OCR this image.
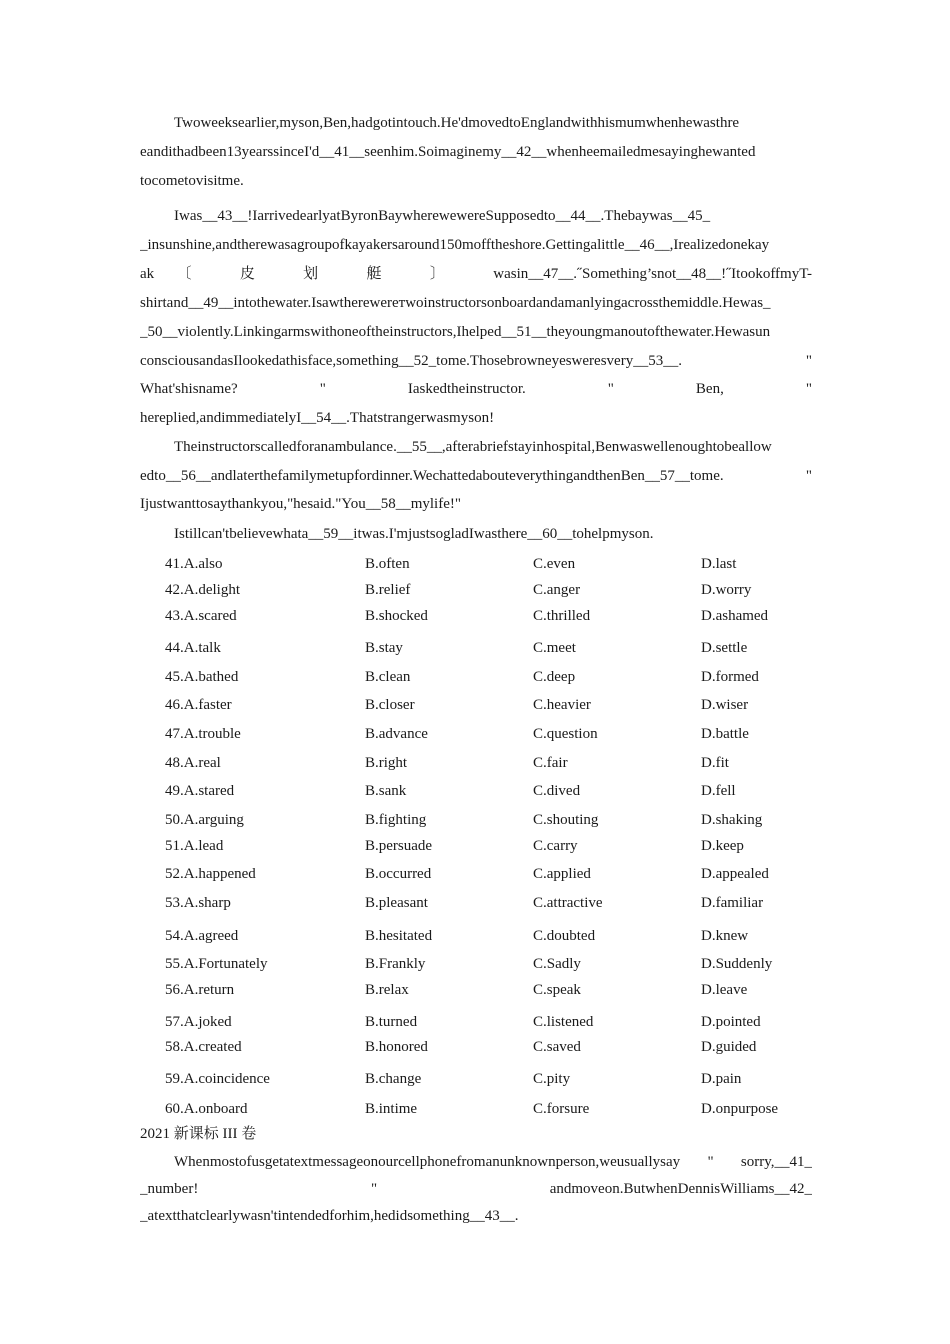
Twoweeksearlier,myson,Ben,hadgotintouch.He'dmovedtoEnglandwithhismumwhenhewasthre
eandithadbeen13yearssinceI'd__41__seenhim.Soimaginemy__42__whenheemailedmesayinghewanted
tocometovisitme.
Iwas__43__!IarrivedearlyatByronBaywherewewereSupposedto__44__.Thebaywas__45_
_insunshine,andtherewasagroupofkayakersaround150mofftheshore.Gettingalittle__46__,Irealizedonekay
ak〔 皮 划 艇 〕 wasin__47__.˝Something’snot__48__!˝ItookoffmyT-
shirtand__49__intothewater.Isawtherewereтwoinstructorsonboardandamanlyingacrossthemiddle.Hewas_
_50__violently.Linkingarmswithoneoftheinstructors,Ihelped__51__theyoungmanoutofthewater.Hewasun
consciousandasIlookedathisface,something__52_tome.Thosebrowneyesweresvery__53__. "
What'shisname? " Iaskedtheinstructor. " Ben, "
hereplied,andimmediatelyI__54__.Thatstrangerwasmyson!
Theinstructorscalledforanambulance.__55__,afterabriefstayinhospital,Benwaswellenoughtobeallow
edto__56__andlaterthefamilymetupfordinner.WechattedabouteverythingandthenBen__57__tome. "
Ijustwanttosaythankyou,"hesaid."You__58__mylife!"
Istillcan'tbelievewhata__59__itwas.I'mjustsogladIwasthere__60__tohelpmyson.
41.A.also	B.often	C.even	D.last
42.A.delight	B.relief	C.anger	D.worry
43.A.scared	B.shocked	C.thrilled	D.ashamed
44.A.talk	B.stay	C.meet	D.settle
45.A.bathed	B.clean	C.deep	D.formed
46.A.faster	B.closer	C.heavier	D.wiser
47.A.trouble	B.advance	C.question	D.battle
48.A.real	B.right	C.fair	D.fit
49.A.stared	B.sank	C.dived	D.fell
50.A.arguing	B.fighting	C.shouting	D.shaking
51.A.lead	B.persuade	C.carry	D.keep
52.A.happened	B.occurred	C.applied	D.appealed
53.A.sharp	B.pleasant	C.attractive	D.familiar
54.A.agreed	B.hesitated	C.doubted	D.knew
55.A.Fortunately	B.Frankly	C.Sadly	D.Suddenly
56.A.return	B.relax	C.speak	D.leave
57.A.joked	B.turned	C.listened	D.pointed
58.A.created	B.honored	C.saved	D.guided
59.A.coincidence	B.change	C.pity	D.pain
60.A.onboard	B.intime	C.forsure	D.onpurpose
2021 新课标 III 卷
Whenmostofusgetatextmessageonourcellphonefromanunknownperson,weusuallysay " sorry,__41_
_number! " andmoveon.ButwhenDennisWilliams__42_
_atextthatclearlywasn'tintendedforhim,hedidsomething__43__.
